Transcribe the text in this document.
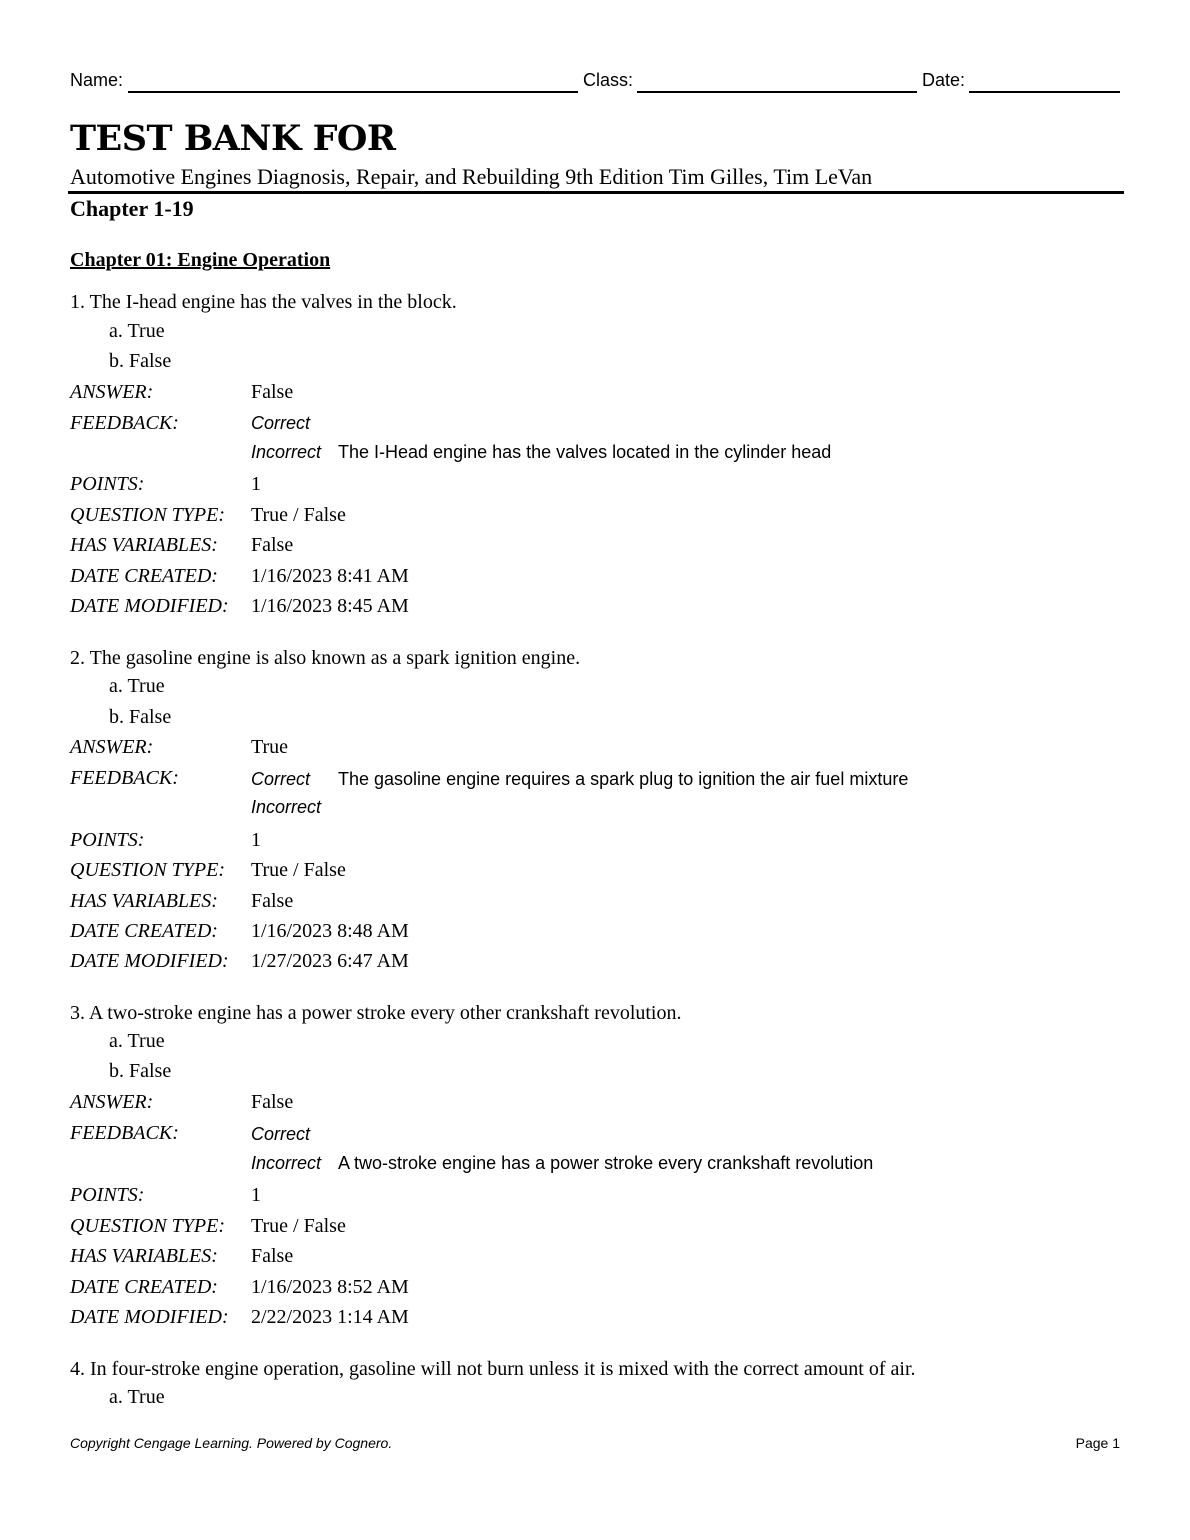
Name:	Class:	Date:
TEST BANK FOR
Automotive Engines Diagnosis, Repair, and Rebuilding 9th Edition Tim Gilles, Tim LeVan
Chapter 1-19
Chapter 01: Engine Operation
1. The I-head engine has the valves in the block.
a. True
b. False
ANSWER:	False
FEEDBACK:	Correct
Incorrect The I-Head engine has the valves located in the cylinder head
POINTS:	1
QUESTION TYPE: True / False
HAS VARIABLES: False
DATE CREATED: 1/16/2023 8:41 AM
DATE MODIFIED: 1/16/2023 8:45 AM
2. The gasoline engine is also known as a spark ignition engine.
a. True
b. False
ANSWER:	True
FEEDBACK:	Correct The gasoline engine requires a spark plug to ignition the air fuel mixture
Incorrect
POINTS:	1
QUESTION TYPE: True / False
HAS VARIABLES: False
DATE CREATED: 1/16/2023 8:48 AM
DATE MODIFIED: 1/27/2023 6:47 AM
3. A two-stroke engine has a power stroke every other crankshaft revolution.
a. True
b. False
ANSWER:	False
FEEDBACK:	Correct
Incorrect A two-stroke engine has a power stroke every crankshaft revolution
POINTS:	1
QUESTION TYPE: True / False
HAS VARIABLES: False
DATE CREATED: 1/16/2023 8:52 AM
DATE MODIFIED: 2/22/2023 1:14 AM
4. In four-stroke engine operation, gasoline will not burn unless it is mixed with the correct amount of air.
a. True
Copyright Cengage Learning. Powered by Cognero.	Page 1
